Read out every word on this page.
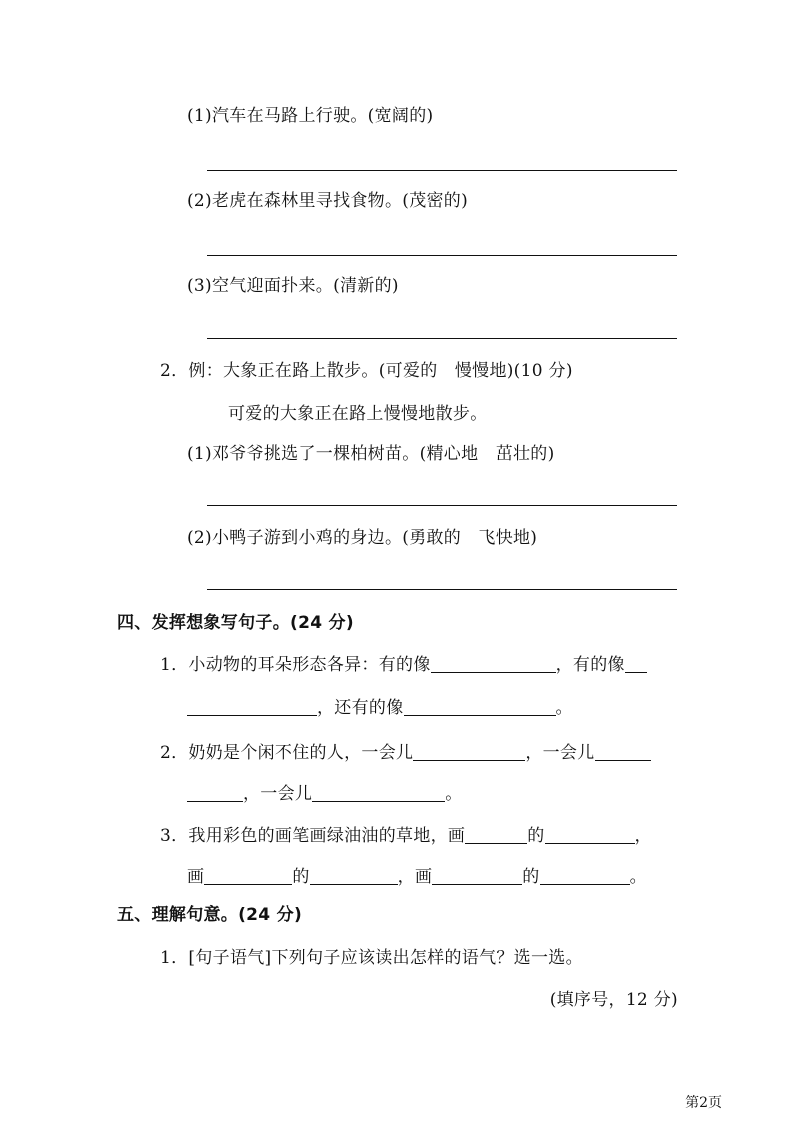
(1)汽车在马路上行驶。(宽阔的)
(2)老虎在森林里寻找食物。(茂密的)
(3)空气迎面扑来。(清新的)
2．例：大象正在路上散步。(可爱的　慢慢地)(10 分)
可爱的大象正在路上慢慢地散步。
(1)邓爷爷挑选了一棵柏树苗。(精心地　茁壮的)
(2)小鸭子游到小鸡的身边。(勇敢的　飞快地)
四、发挥想象写句子。(24 分)
1．小动物的耳朵形态各异：有的像	，有的像
，还有的像	。
2．奶奶是个闲不住的人，一会儿	，一会儿
，一会儿	。
3．我用彩色的画笔画绿油油的草地，画	的	，
画	的	，画	的	。
五、理解句意。(24 分)
1．[句子语气]下列句子应该读出怎样的语气？选一选。
(填序号，12 分)
第2页
